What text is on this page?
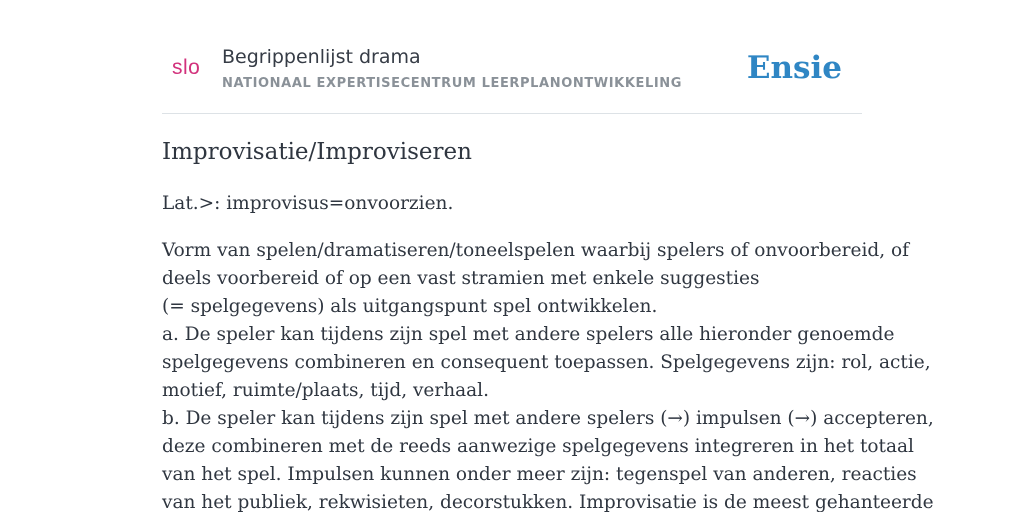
slo Begrippenlijst drama
NATIONAAL EXPERTISECENTRUM LEERPLANONTWIKKELING Ensie
Improvisatie/Improviseren

Lat.>: improvisus=onvoorzien.

Vorm van spelen/dramatiseren/toneelspelen waarbij spelers of onvoorbereid, of
deels voorbereid of op een vast stramien met enkele suggesties
(= spelgegevens) als uitgangspunt spel ontwikkelen.
a. De speler kan tijdens zijn spel met andere spelers alle hieronder genoemde
spelgegevens combineren en consequent toepassen. Spelgegevens zijn: rol, actie,
motief, ruimte/plaats, tijd, verhaal.
b. De speler kan tijdens zijn spel met andere spelers (→) impulsen (→) accepteren,
deze combineren met de reeds aanwezige spelgegevens integreren in het totaal
van het spel. Impulsen kunnen onder meer zijn: tegenspel van anderen, reacties
van het publiek, rekwisieten, decorstukken. Improvisatie is de meest gehanteerde
